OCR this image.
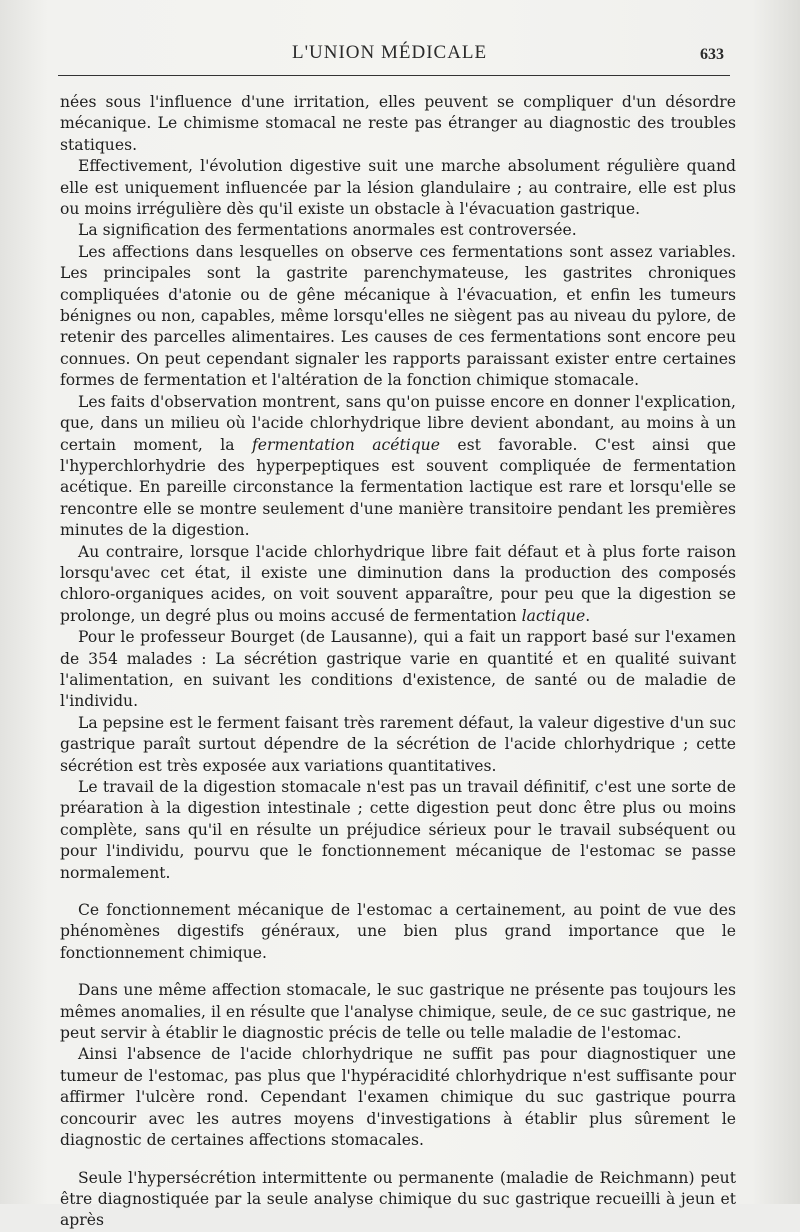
L'UNION MÉDICALE	633

nées sous l'influence d'une irritation, elles peuvent se compliquer d'un désordre mécanique. Le chimisme stomacal ne reste pas étranger au diagnostic des troubles statiques.

Effectivement, l'évolution digestive suit une marche absolument régulière quand elle est uniquement influencée par la lésion glandulaire ; au contraire, elle est plus ou moins irrégulière dès qu'il existe un obstacle à l'évacuation gastrique.

La signification des fermentations anormales est controversée.

Les affections dans lesquelles on observe ces fermentations sont assez variables. Les principales sont la gastrite parenchymateuse, les gastrites chroniques compliquées d'atonie ou de gêne mécanique à l'évacuation, et enfin les tumeurs bénignes ou non, capables, même lorsqu'elles ne siègent pas au niveau du pylore, de retenir des parcelles alimentaires. Les causes de ces fermentations sont encore peu connues. On peut cependant signaler les rapports paraissant exister entre certaines formes de fermentation et l'altération de la fonction chimique stomacale.

Les faits d'observation montrent, sans qu'on puisse encore en donner l'explication, que, dans un milieu où l'acide chlorhydrique libre devient abondant, au moins à un certain moment, la fermentation acétique est favorable. C'est ainsi que l'hyperchlorhydrie des hyperpeptiques est souvent compliquée de fermentation acétique. En pareille circonstance la fermentation lactique est rare et lorsqu'elle se rencontre elle se montre seulement d'une manière transitoire pendant les premières minutes de la digestion.

Au contraire, lorsque l'acide chlorhydrique libre fait défaut et à plus forte raison lorsqu'avec cet état, il existe une diminution dans la production des composés chloro-organiques acides, on voit souvent apparaître, pour peu que la digestion se prolonge, un degré plus ou moins accusé de fermentation lactique.

Pour le professeur Bourget (de Lausanne), qui a fait un rapport basé sur l'examen de 354 malades : La sécrétion gastrique varie en quantité et en qualité suivant l'alimentation, en suivant les conditions d'existence, de santé ou de maladie de l'individu.

La pepsine est le ferment faisant très rarement défaut, la valeur digestive d'un suc gastrique paraît surtout dépendre de la sécrétion de l'acide chlorhydrique ; cette sécrétion est très exposée aux variations quantitatives.

Le travail de la digestion stomacale n'est pas un travail définitif, c'est une sorte de préaration à la digestion intestinale ; cette digestion peut donc être plus ou moins complète, sans qu'il en résulte un préjudice sérieux pour le travail subséquent ou pour l'individu, pourvu que le fonctionnement mécanique de l'estomac se passe normalement.

Ce fonctionnement mécanique de l'estomac a certainement, au point de vue des phénomènes digestifs généraux, une bien plus grand importance que le fonctionnement chimique.

Dans une même affection stomacale, le suc gastrique ne présente pas toujours les mêmes anomalies, il en résulte que l'analyse chimique, seule, de ce suc gastrique, ne peut servir à établir le diagnostic précis de telle ou telle maladie de l'estomac.

Ainsi l'absence de l'acide chlorhydrique ne suffit pas pour diagnostiquer une tumeur de l'estomac, pas plus que l'hypéracidité chlorhydrique n'est suffisante pour affirmer l'ulcère rond. Cependant l'examen chimique du suc gastrique pourra concourir avec les autres moyens d'investigations à établir plus sûrement le diagnostic de certaines affections stomacales.

Seule l'hypersécrétion intermittente ou permanente (maladie de Reichmann) peut être diagnostiquée par la seule analyse chimique du suc gastrique recueilli à jeun et après
